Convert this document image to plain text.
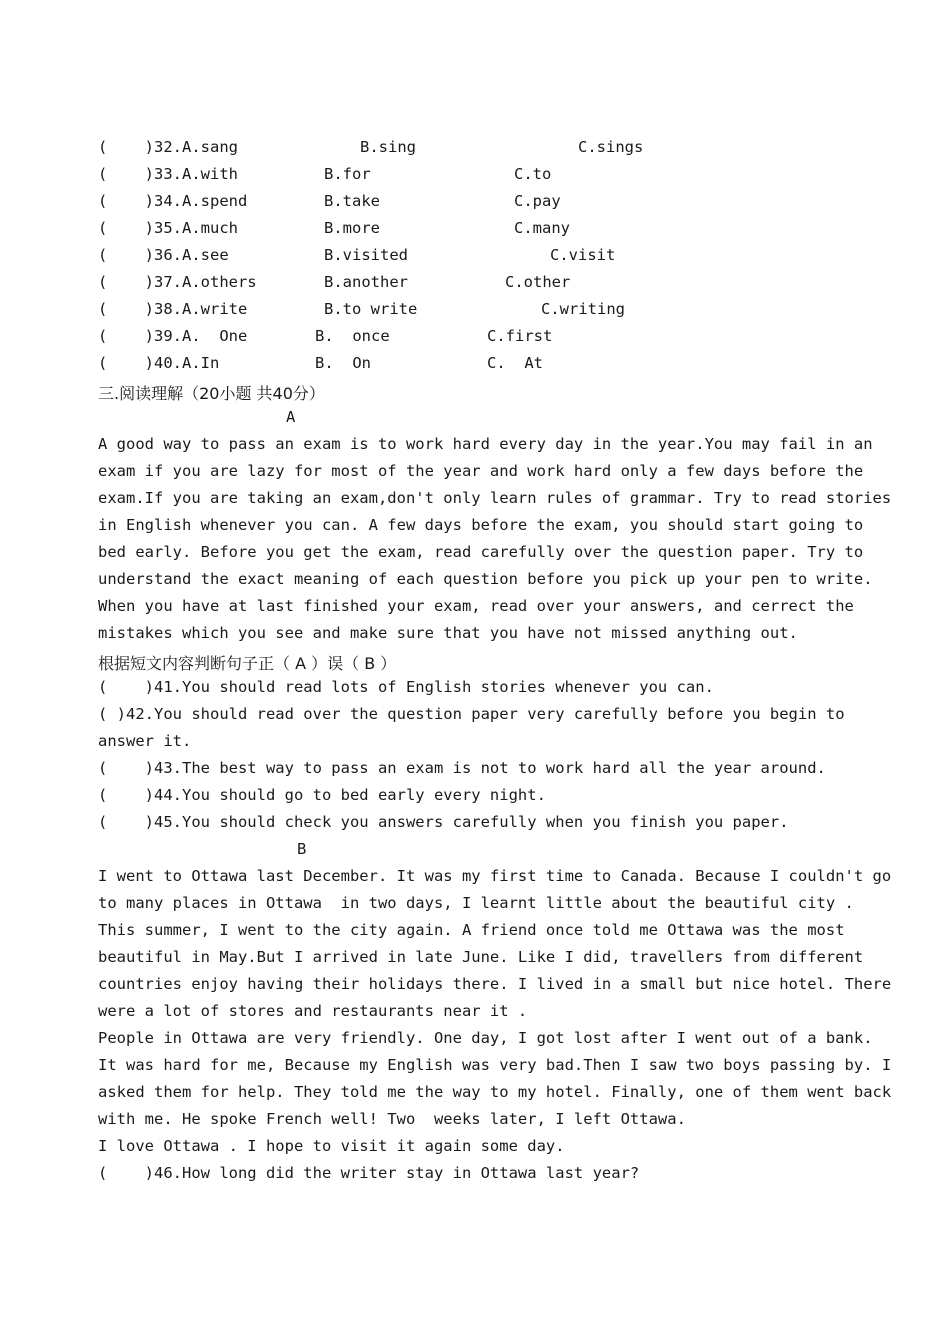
(    )32.A.sang	B.sing	C.sings
(    )33.A.with	B.for	C.to
(    )34.A.spend	B.take	C.pay
(    )35.A.much	B.more	C.many
(    )36.A.see	B.visited	C.visit
(    )37.A.others	B.another	C.other
(    )38.A.write	B.to write	C.writing
(    )39.A.  One	B.  once	C.first
(    )40.A.In	B.  On	C.  At
三.阅读理解（20小题 共40分）
A
A good way to pass an exam is to work hard every day in the year.You may fail in an
exam if you are lazy for most of the year and work hard only a few days before the
exam.If you are taking an exam,don't only learn rules of grammar. Try to read stories
in English whenever you can. A few days before the exam, you should start going to
bed early. Before you get the exam, read carefully over the question paper. Try to
understand the exact meaning of each question before you pick up your pen to write.
When you have at last finished your exam, read over your answers, and cerrect the
mistakes which you see and make sure that you have not missed anything out.
根据短文内容判断句子正（ A ）误（ B ）
(    )41.You should read lots of English stories whenever you can.
( )42.You should read over the question paper very carefully before you begin to
answer it.
(    )43.The best way to pass an exam is not to work hard all the year around.
(    )44.You should go to bed early every night.
(    )45.You should check you answers carefully when you finish you paper.
B
I went to Ottawa last December. It was my first time to Canada. Because I couldn't go
to many places in Ottawa  in two days, I learnt little about the beautiful city .
This summer, I went to the city again. A friend once told me Ottawa was the most
beautiful in May.But I arrived in late June. Like I did, travellers from different
countries enjoy having their holidays there. I lived in a small but nice hotel. There
were a lot of stores and restaurants near it .
People in Ottawa are very friendly. One day, I got lost after I went out of a bank.
It was hard for me, Because my English was very bad.Then I saw two boys passing by. I
asked them for help. They told me the way to my hotel. Finally, one of them went back
with me. He spoke French well! Two  weeks later, I left Ottawa.
I love Ottawa . I hope to visit it again some day.
(    )46.How long did the writer stay in Ottawa last year?
